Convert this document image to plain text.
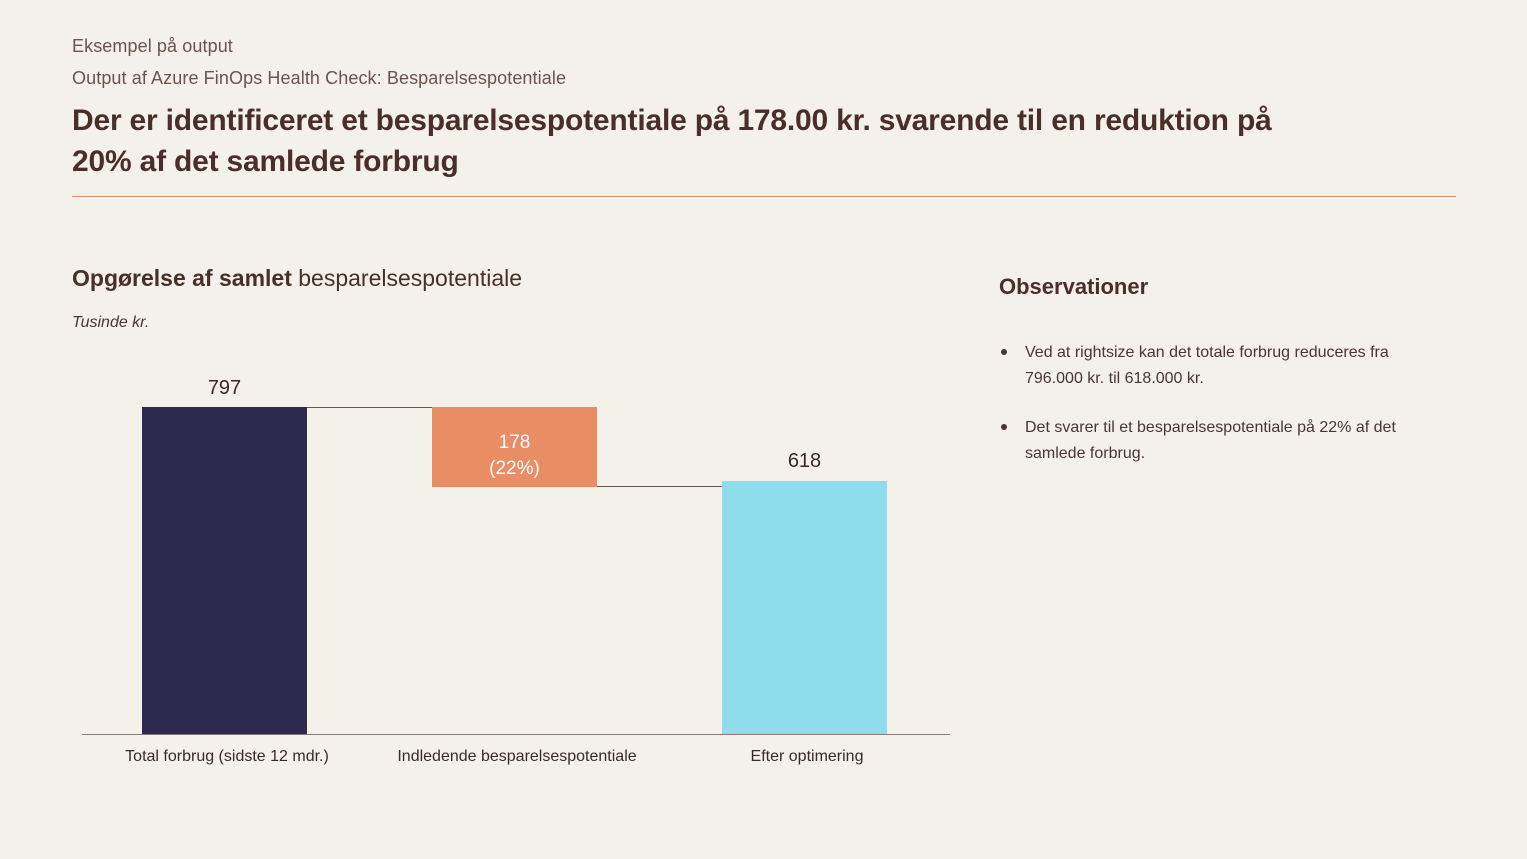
Eksempel på output
Output af Azure FinOps Health Check: Besparelsespotentiale
Der er identificeret et besparelsespotentiale på 178.00 kr. svarende til en reduktion på 20% af det samlede forbrug
Opgørelse af samlet besparelsespotentiale
Tusinde kr.
797
178
(22%)	618
Total forbrug (sidste 12 mdr.)	Indledende besparelsespotentiale	Efter optimering
Observationer
Ved at rightsize kan det totale forbrug reduceres fra 796.000 kr. til 618.000 kr.
Det svarer til et besparelsespotentiale på 22% af det samlede forbrug.
